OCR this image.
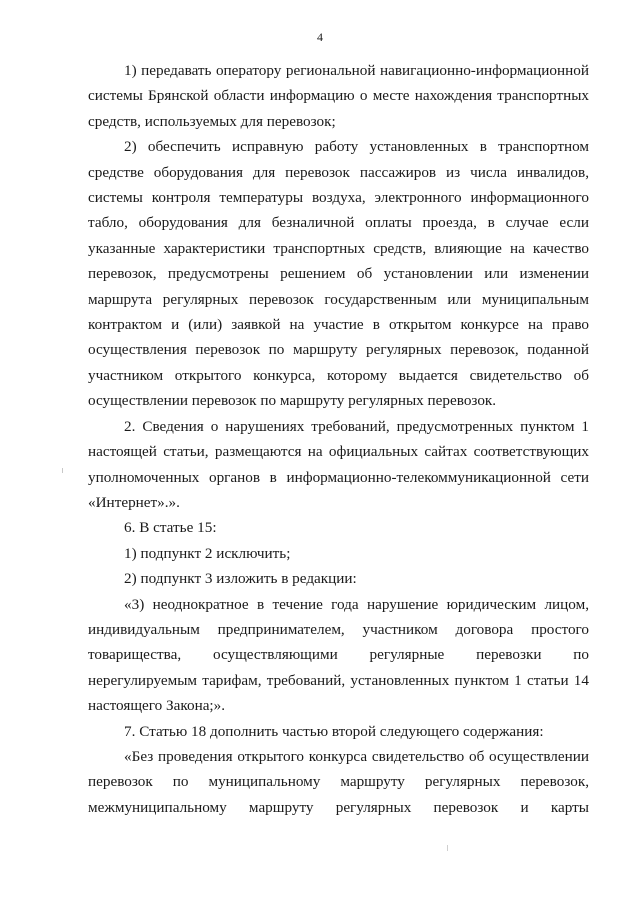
4

1) передавать оператору региональной навигационно-информационной системы Брянской области информацию о месте нахождения транспортных средств, используемых для перевозок;

2) обеспечить исправную работу установленных в транспортном средстве оборудования для перевозок пассажиров из числа инвалидов, системы контроля температуры воздуха, электронного информационного табло, оборудования для безналичной оплаты проезда, в случае если указанные характеристики транспортных средств, влияющие на качество перевозок, предусмотрены решением об установлении или изменении маршрута регулярных перевозок государственным или муниципальным контрактом и (или) заявкой на участие в открытом конкурсе на право осуществления перевозок по маршруту регулярных перевозок, поданной участником открытого конкурса, которому выдается свидетельство об осуществлении перевозок по маршруту регулярных перевозок.

2. Сведения о нарушениях требований, предусмотренных пунктом 1 настоящей статьи, размещаются на официальных сайтах соответствующих уполномоченных органов в информационно-телекоммуникационной сети «Интернет».».

6. В статье 15:

1) подпункт 2 исключить;

2) подпункт 3 изложить в редакции:

«3) неоднократное в течение года нарушение юридическим лицом, индивидуальным предпринимателем, участником договора простого товарищества, осуществляющими регулярные перевозки по нерегулируемым тарифам, требований, установленных пунктом 1 статьи 14 настоящего Закона;».

7. Статью 18 дополнить частью второй следующего содержания:

«Без проведения открытого конкурса свидетельство об осуществлении перевозок по муниципальному маршруту регулярных перевозок, межмуниципальному маршруту регулярных перевозок и карты
